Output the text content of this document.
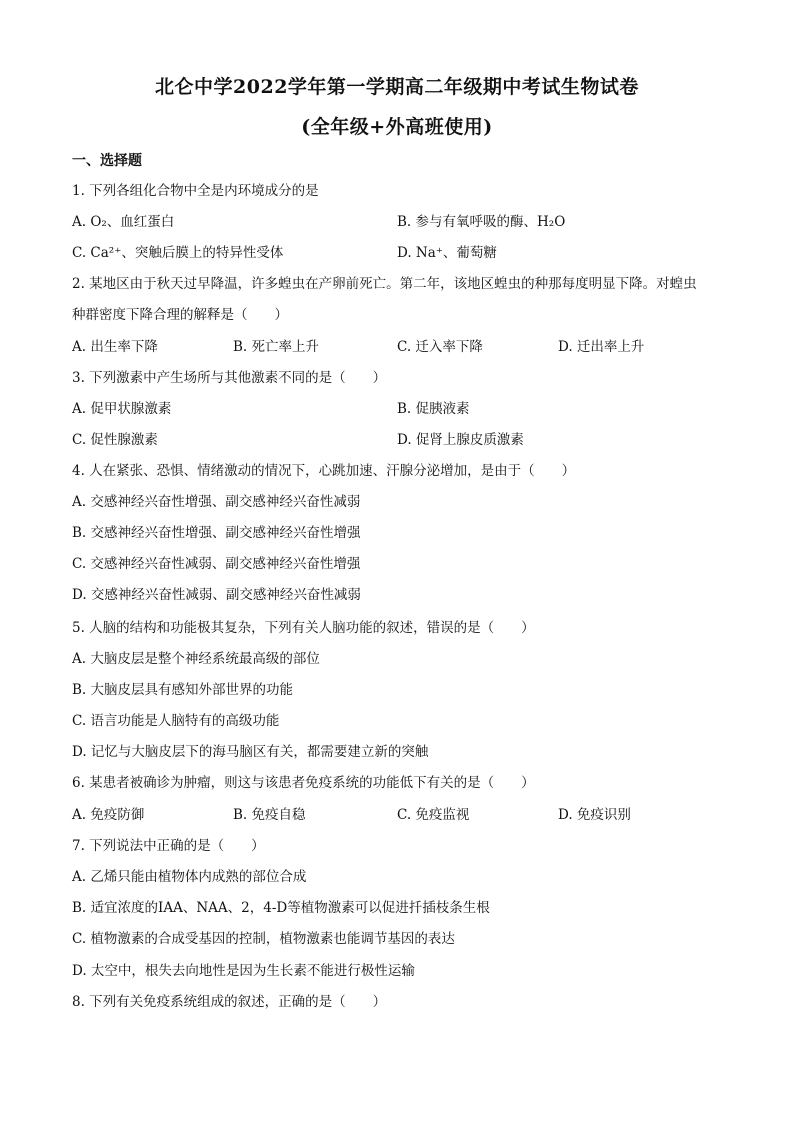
北仑中学2022学年第一学期高二年级期中考试生物试卷
(全年级+外高班使用)
一、选择题
1. 下列各组化合物中全是内环境成分的是
A. O₂、血红蛋白	B. 参与有氧呼吸的酶、H₂O
C. Ca²⁺、突触后膜上的特异性受体	D. Na⁺、葡萄糖
2. 某地区由于秋天过早降温，许多蝗虫在产卵前死亡。第二年，该地区蝗虫的种那每度明显下降。对蝗虫
种群密度下降合理的解释是（　　）
A. 出生率下降	B. 死亡率上升	C. 迁入率下降	D. 迁出率上升
3. 下列激素中产生场所与其他激素不同的是（　　）
A. 促甲状腺激素	B. 促胰液素
C. 促性腺激素	D. 促肾上腺皮质激素
4. 人在紧张、恐惧、情绪激动的情况下，心跳加速、汗腺分泌增加，是由于（　　）
A. 交感神经兴奋性增强、副交感神经兴奋性减弱
B. 交感神经兴奋性增强、副交感神经兴奋性增强
C. 交感神经兴奋性减弱、副交感神经兴奋性增强
D. 交感神经兴奋性减弱、副交感神经兴奋性减弱
5. 人脑的结构和功能极其复杂，下列有关人脑功能的叙述，错误的是（　　）
A. 大脑皮层是整个神经系统最高级的部位
B. 大脑皮层具有感知外部世界的功能
C. 语言功能是人脑特有的高级功能
D. 记忆与大脑皮层下的海马脑区有关，都需要建立新的突触
6. 某患者被确诊为肿瘤，则这与该患者免疫系统的功能低下有关的是（　　）
A. 免疫防御	B. 免疫自稳	C. 免疫监视	D. 免疫识别
7. 下列说法中正确的是（　　）
A. 乙烯只能由植物体内成熟的部位合成
B. 适宜浓度的IAA、NAA、2，4-D等植物激素可以促进扦插枝条生根
C. 植物激素的合成受基因的控制，植物激素也能调节基因的表达
D. 太空中，根失去向地性是因为生长素不能进行极性运输
8. 下列有关免疫系统组成的叙述，正确的是（　　）
